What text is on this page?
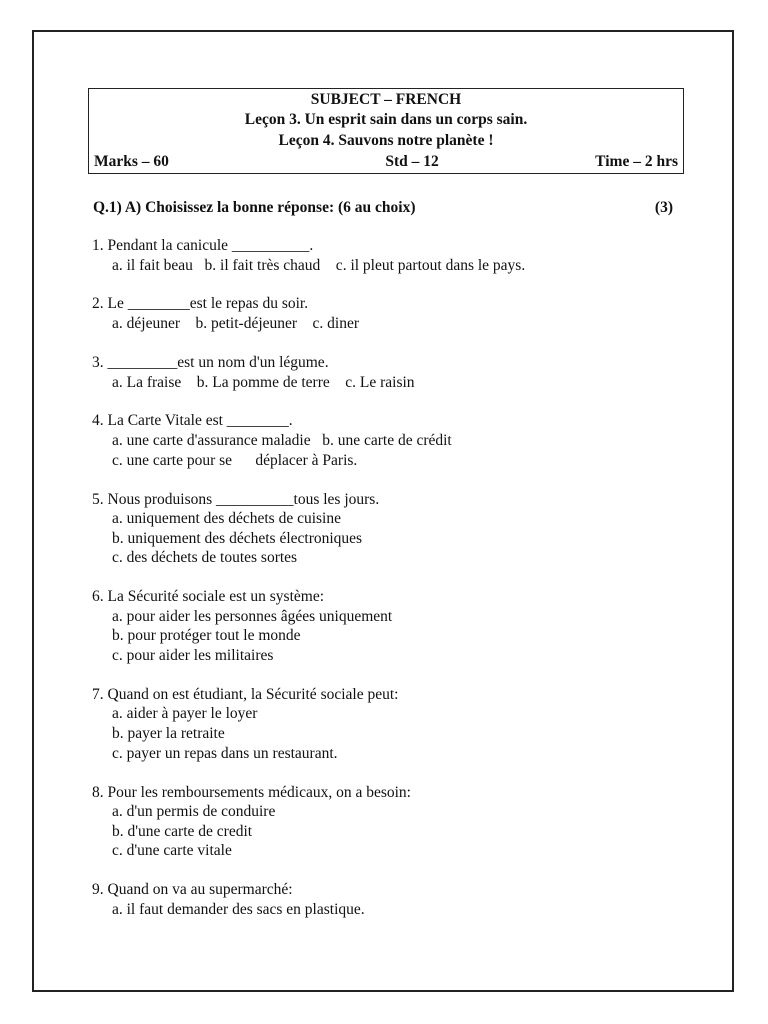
SUBJECT – FRENCH
Leçon 3. Un esprit sain dans un corps sain.
Leçon 4. Sauvons notre planète !
Marks – 60	Std – 12	Time – 2 hrs
Q.1) A) Choisissez la bonne réponse: (6 au choix)	(3)
1. Pendant la canicule __________.
a. il fait beau   b. il fait très chaud    c. il pleut partout dans le pays.
2. Le ________est le repas du soir.
a. déjeuner    b. petit-déjeuner    c. diner
3. _________est un nom d'un légume.
a. La fraise    b. La pomme de terre    c. Le raisin
4. La Carte Vitale est ________.
a. une carte d'assurance maladie   b. une carte de crédit
c. une carte pour se      déplacer à Paris.
5. Nous produisons __________tous les jours.
a. uniquement des déchets de cuisine
b. uniquement des déchets électroniques
c. des déchets de toutes sortes
6. La Sécurité sociale est un système:
a. pour aider les personnes âgées uniquement
b. pour protéger tout le monde
c. pour aider les militaires
7. Quand on est étudiant, la Sécurité sociale peut:
a. aider à payer le loyer
b. payer la retraite
c. payer un repas dans un restaurant.
8. Pour les remboursements médicaux, on a besoin:
a. d'un permis de conduire
b. d'une carte de credit
c. d'une carte vitale
9. Quand on va au supermarché:
a. il faut demander des sacs en plastique.
